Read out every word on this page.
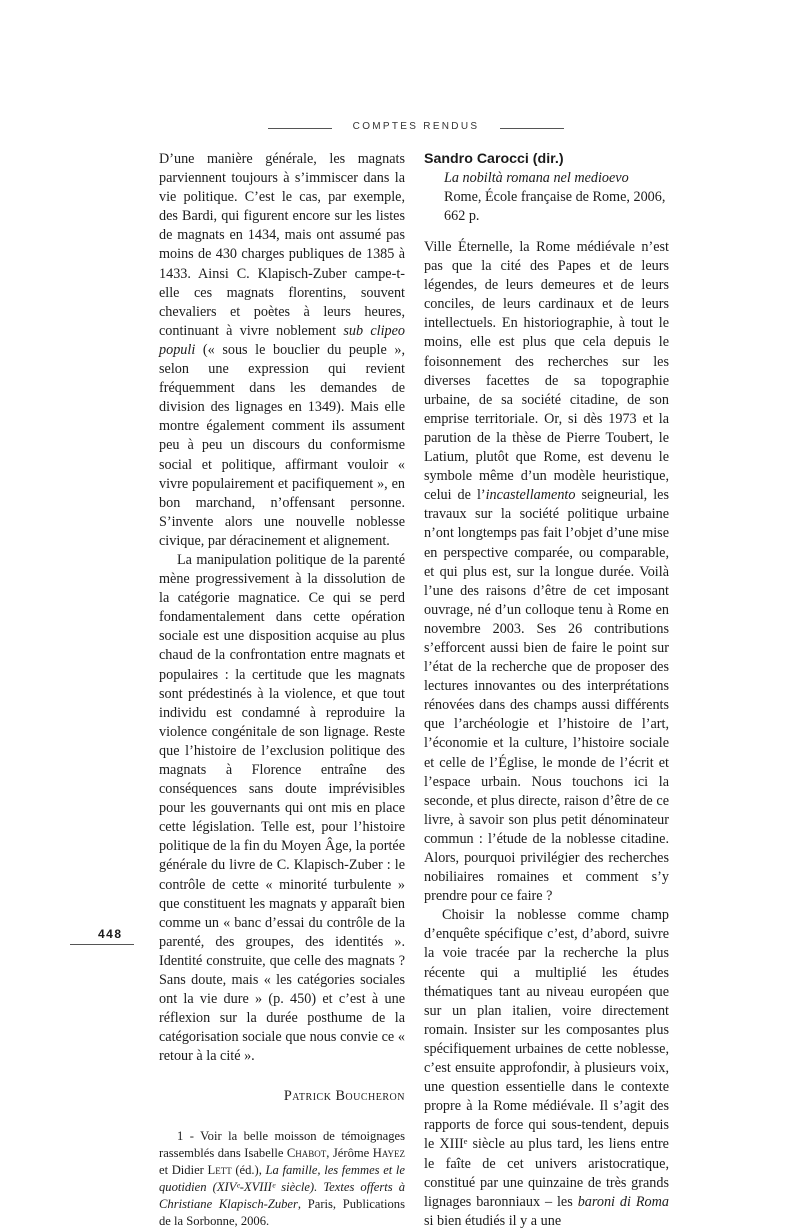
COMPTES RENDUS

D’une manière générale, les magnats parviennent toujours à s’immiscer dans la vie politique. C’est le cas, par exemple, des Bardi, qui figurent encore sur les listes de magnats en 1434, mais ont assumé pas moins de 430 charges publiques de 1385 à 1433. Ainsi C. Klapisch-Zuber campe-t-elle ces magnats florentins, souvent chevaliers et poètes à leurs heures, continuant à vivre noblement sub clipeo populi (« sous le bouclier du peuple », selon une expression qui revient fréquemment dans les demandes de division des lignages en 1349). Mais elle montre également comment ils assument peu à peu un discours du conformisme social et politique, affirmant vouloir « vivre populairement et pacifiquement », en bon marchand, n’offensant personne. S’invente alors une nouvelle noblesse civique, par déracinement et alignement.

La manipulation politique de la parenté mène progressivement à la dissolution de la catégorie magnatice. Ce qui se perd fondamentalement dans cette opération sociale est une disposition acquise au plus chaud de la confrontation entre magnats et populaires : la certitude que les magnats sont prédestinés à la violence, et que tout individu est condamné à reproduire la violence congénitale de son lignage. Reste que l’histoire de l’exclusion politique des magnats à Florence entraîne des conséquences sans doute imprévisibles pour les gouvernants qui ont mis en place cette législation. Telle est, pour l’histoire politique de la fin du Moyen Âge, la portée générale du livre de C. Klapisch-Zuber : le contrôle de cette « minorité turbulente » que constituent les magnats y apparaît bien comme un « banc d’essai du contrôle de la parenté, des groupes, des identités ». Identité construite, que celle des magnats ? Sans doute, mais « les catégories sociales ont la vie dure » (p. 450) et c’est à une réflexion sur la durée posthume de la catégorisation sociale que nous convie ce « retour à la cité ».

Patrick Boucheron
1 - Voir la belle moisson de témoignages rassemblés dans Isabelle Chabot, Jérôme Hayez et Didier Lett (éd.), La famille, les femmes et le quotidien (XIVᵉ-XVIIIᵉ siècle). Textes offerts à Christiane Klapisch-Zuber, Paris, Publications de la Sorbonne, 2006.
Sandro Carocci (dir.)
La nobiltà romana nel medioevo
Rome, École française de Rome, 2006,
662 p.

Ville Éternelle, la Rome médiévale n’est pas que la cité des Papes et de leurs légendes, de leurs demeures et de leurs conciles, de leurs cardinaux et de leurs intellectuels. En historiographie, à tout le moins, elle est plus que cela depuis le foisonnement des recherches sur les diverses facettes de sa topographie urbaine, de sa société citadine, de son emprise territoriale. Or, si dès 1973 et la parution de la thèse de Pierre Toubert, le Latium, plutôt que Rome, est devenu le symbole même d’un modèle heuristique, celui de l’incastellamento seigneurial, les travaux sur la société politique urbaine n’ont longtemps pas fait l’objet d’une mise en perspective comparée, ou comparable, et qui plus est, sur la longue durée. Voilà l’une des raisons d’être de cet imposant ouvrage, né d’un colloque tenu à Rome en novembre 2003. Ses 26 contributions s’efforcent aussi bien de faire le point sur l’état de la recherche que de proposer des lectures innovantes ou des interprétations rénovées dans des champs aussi différents que l’archéologie et l’histoire de l’art, l’économie et la culture, l’histoire sociale et celle de l’Église, le monde de l’écrit et l’espace urbain. Nous touchons ici la seconde, et plus directe, raison d’être de ce livre, à savoir son plus petit dénominateur commun : l’étude de la noblesse citadine. Alors, pourquoi privilégier des recherches nobiliaires romaines et comment s’y prendre pour ce faire ?

Choisir la noblesse comme champ d’enquête spécifique c’est, d’abord, suivre la voie tracée par la recherche la plus récente qui a multiplié les études thématiques tant au niveau européen que sur un plan italien, voire directement romain. Insister sur les composantes plus spécifiquement urbaines de cette noblesse, c’est ensuite approfondir, à plusieurs voix, une question essentielle dans le contexte propre à la Rome médiévale. Il s’agit des rapports de force qui sous-tendent, depuis le XIIIᵉ siècle au plus tard, les liens entre le faîte de cet univers aristocratique, constitué par une quinzaine de très grands lignages baronniaux – les baroni di Roma si bien étudiés il y a une

448
